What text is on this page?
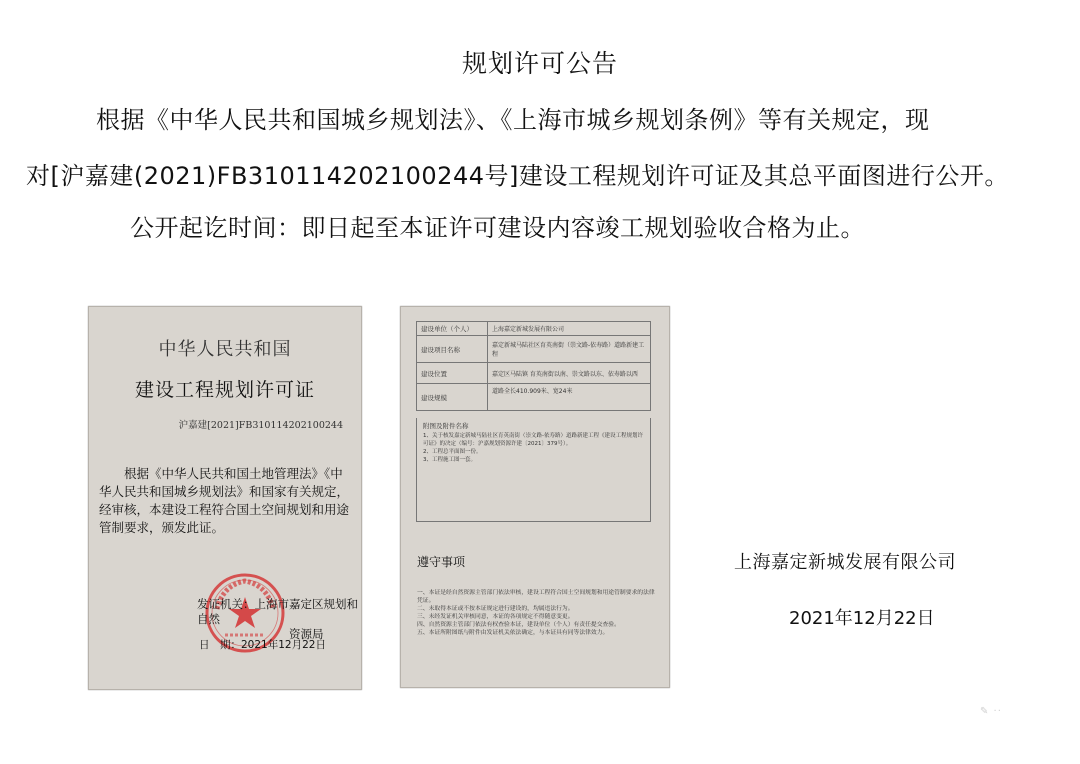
规划许可公告
根据《中华人民共和国城乡规划法》、《上海市城乡规划条例》等有关规定，现
对[沪嘉建(2021)FB310114202100244号]建设工程规划许可证及其总平面图进行公开。
公开起讫时间：即日起至本证许可建设内容竣工规划验收合格为止。
中华人民共和国
建设工程规划许可证
沪嘉建[2021]FB310114202100244
根据《中华人民共和国土地管理法》《中华人民共和国城乡规划法》和国家有关规定，经审核，本建设工程符合国土空间规划和用途管制要求，颁发此证。
发证机关：上海市嘉定区规划和自然
资源局
日　期：2021年12月22日
建设单位（个人）	上海嘉定新城发展有限公司
建设项目名称	嘉定新城马陆社区育英南街（崇文路-依寿路）道路新建工程
建设位置	嘉定区马陆镇 育英南街以南、崇文路以东、依寿路以西
建设规模	道路全长410.909米、宽24米
附图及附件名称
1、关于核发嘉定新城马陆社区育英南街（崇文路-依寿路）道路新建工程《建设工程规划许可证》的决定（编号：沪嘉规划资源许建〔2021〕379号）。
2、工程总平面图一份。
3、工程施工图一套。
遵守事项
一、本证是经自然资源主管部门依法审核，建设工程符合国土空间规划和用途管制要求的法律凭证。
二、未取得本证或不按本证规定进行建设的，均属违法行为。
三、未经发证机关审核同意，本证的各项规定不得随意变更。
四、自然资源主管部门依法有权查验本证，建设单位（个人）有责任提交查验。
五、本证所附图纸与附件由发证机关依法确定，与本证具有同等法律效力。
上海嘉定新城发展有限公司
2021年12月22日
✎ ··
